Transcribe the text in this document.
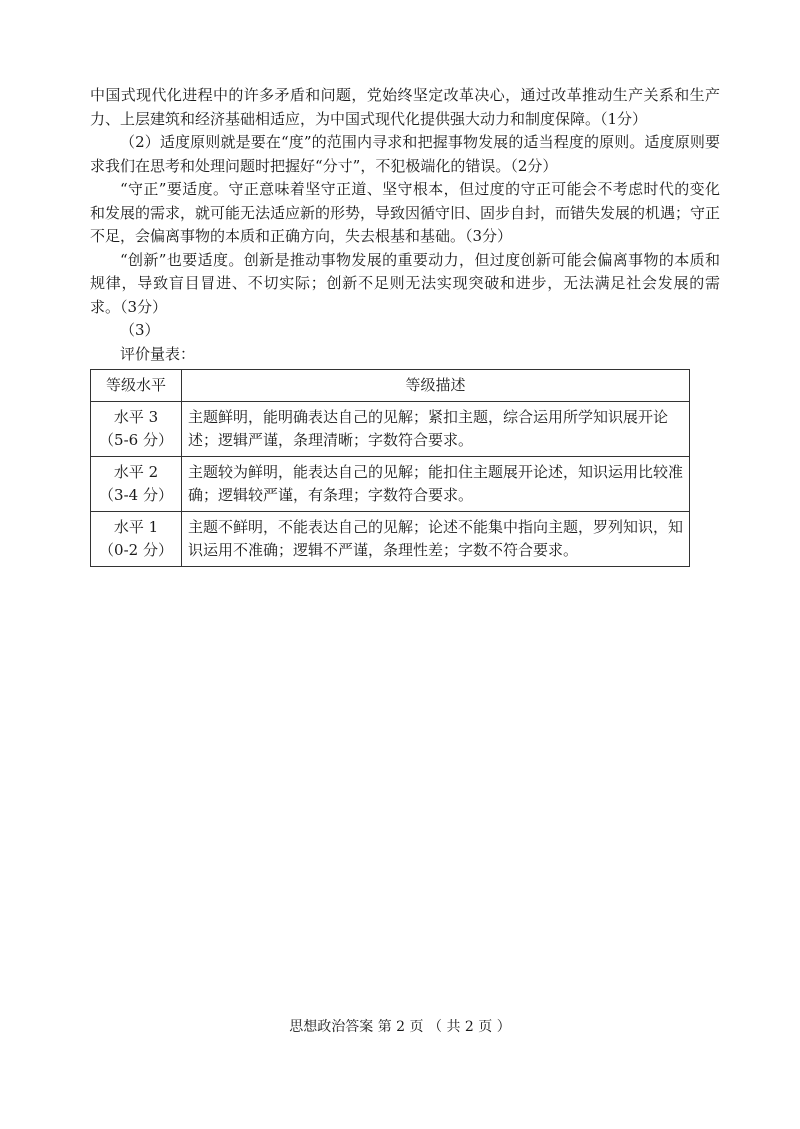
中国式现代化进程中的许多矛盾和问题，党始终坚定改革决心，通过改革推动生产关系和生产力、上层建筑和经济基础相适应，为中国式现代化提供强大动力和制度保障。（1分）

（2）适度原则就是要在“度”的范围内寻求和把握事物发展的适当程度的原则。适度原则要求我们在思考和处理问题时把握好“分寸”，不犯极端化的错误。（2分）

“守正”要适度。守正意味着坚守正道、坚守根本，但过度的守正可能会不考虑时代的变化和发展的需求，就可能无法适应新的形势，导致因循守旧、固步自封，而错失发展的机遇；守正不足，会偏离事物的本质和正确方向，失去根基和基础。（3分）

“创新”也要适度。创新是推动事物发展的重要动力，但过度创新可能会偏离事物的本质和规律，导致盲目冒进、不切实际；创新不足则无法实现突破和进步，无法满足社会发展的需求。（3分）

（3）

评价量表：

等级水平	等级描述

水平 3
（5-6 分）	主题鲜明，能明确表达自己的见解；紧扣主题，综合运用所学知识展开论述；逻辑严谨，条理清晰；字数符合要求。

水平 2
（3-4 分）	主题较为鲜明，能表达自己的见解；能扣住主题展开论述，知识运用比较准确；逻辑较严谨，有条理；字数符合要求。

水平 1
（0-2 分）	主题不鲜明，不能表达自己的见解；论述不能集中指向主题，罗列知识，知识运用不准确；逻辑不严谨，条理性差；字数不符合要求。
思想政治答案 第 2 页 （ 共 2 页 ）
